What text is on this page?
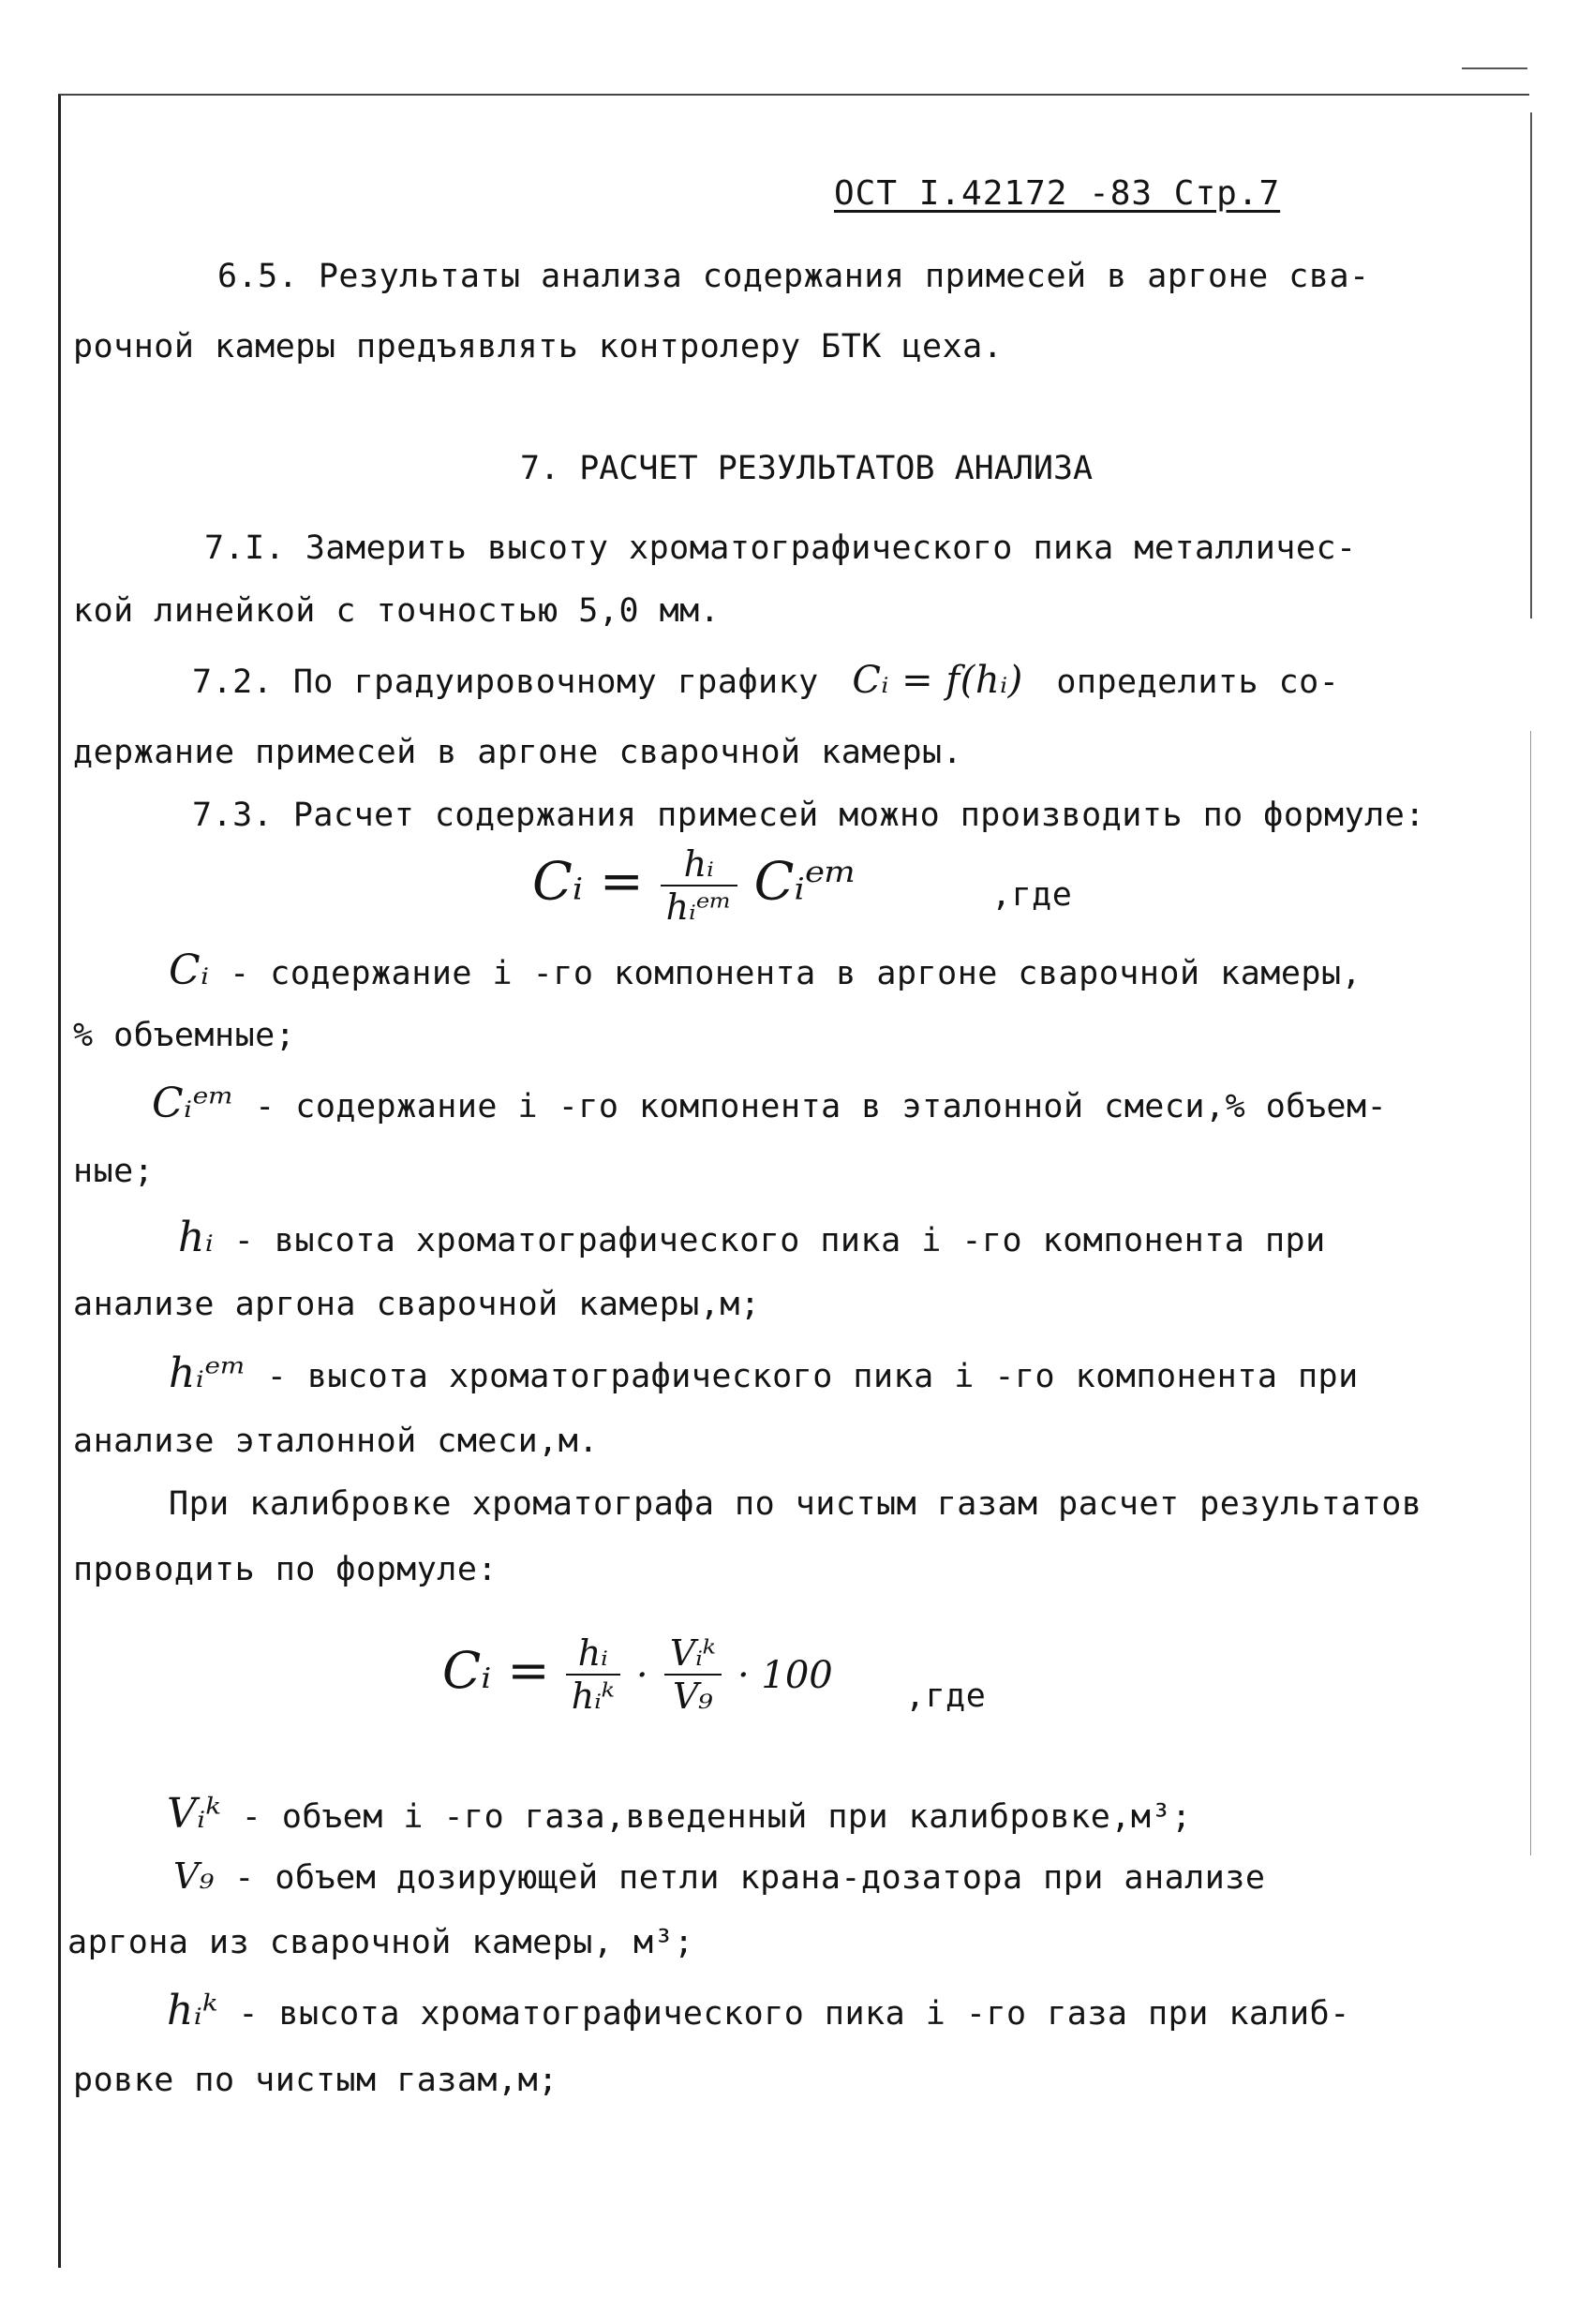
ОСТ I.42172 -83 Стр.7
6.5. Результаты анализа содержания примесей в аргоне сва-
рочной камеры предъявлять контролеру БТК цеха.
7. РАСЧЕТ РЕЗУЛЬТАТОВ АНАЛИЗА
7.I. Замерить высоту хроматографического пика металличес-
кой линейкой с точностью 5,0 мм.
7.2. По градуировочному графику Cᵢ = f(hᵢ) определить со-
держание примесей в аргоне сварочной камеры.
7.3. Расчет содержания примесей можно производить по формуле:
Cᵢ = $\frac{\text{hᵢ}}{\text{hᵢᵉᵐ}}$ Cᵢᵉᵐ	,где
Cᵢ - содержание i -го компонента в аргоне сварочной камеры,
% объемные;
Cᵢᵉᵐ - содержание i -го компонента в эталонной смеси,% объем-
ные;
hᵢ - высота хроматографического пика i -го компонента при
анализе аргона сварочной камеры,м;
hᵢᵉᵐ - высота хроматографического пика i -го компонента при
анализе эталонной смеси,м.
При калибровке хроматографа по чистым газам расчет результатов
проводить по формуле:
Cᵢ = $\frac{\text{hᵢ}}{\text{hᵢᵏ}} \cdot \frac{\text{Vᵢᵏ}}{\text{V₉}} \cdot 100$ ,где
Vᵢᵏ - объем i -го газа,введенный при калибровке,м³;
V₉ - объем дозирующей петли крана-дозатора при анализе
аргона из сварочной камеры, м³;
hᵢᵏ - высота хроматографического пика i -го газа при калиб-
ровке по чистым газам,м;
